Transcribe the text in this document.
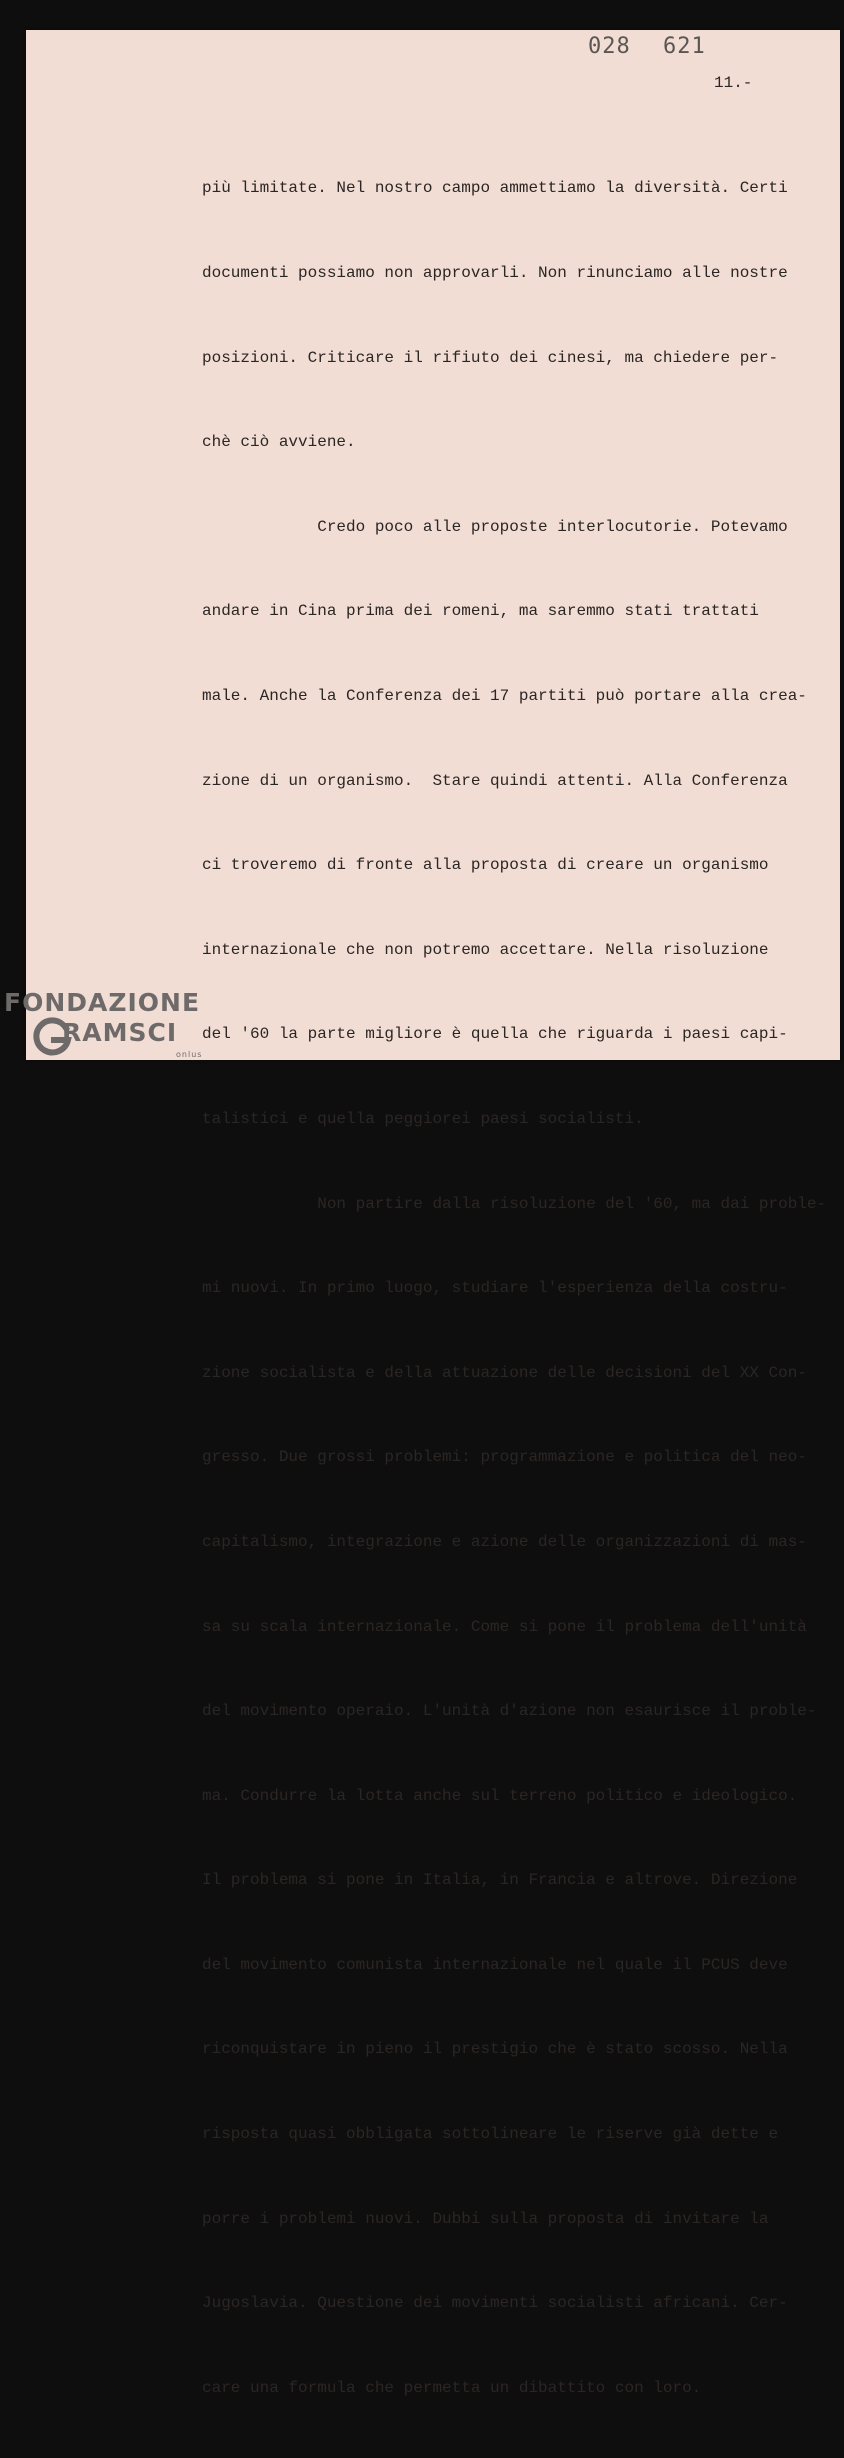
028 621
11.-

più limitate. Nel nostro campo ammettiamo la diversità. Certi

documenti possiamo non approvarli. Non rinunciamo alle nostre

posizioni. Criticare il rifiuto dei cinesi, ma chiedere per-

chè ciò avviene.

Credo poco alle proposte interlocutorie. Potevamo

andare in Cina prima dei romeni, ma saremmo stati trattati

male. Anche la Conferenza dei 17 partiti può portare alla crea-

zione di un organismo.  Stare quindi attenti. Alla Conferenza

ci troveremo di fronte alla proposta di creare un organismo

internazionale che non potremo accettare. Nella risoluzione

del '60 la parte migliore è quella che riguarda i paesi capi-

talistici e quella peggiorei paesi socialisti.

Non partire dalla risoluzione del '60, ma dai proble-

mi nuovi. In primo luogo, studiare l'esperienza della costru-

zione socialista e della attuazione delle decisioni del XX Con-

gresso. Due grossi problemi: programmazione e politica del neo-

capitalismo, integrazione e azione delle organizzazioni di mas-

sa su scala internazionale. Come si pone il problema dell'unità

del movimento operaio. L'unità d'azione non esaurisce il proble-

ma. Condurre la lotta anche sul terreno politico e ideologico.

Il problema si pone in Italia, in Francia e altrove. Direzione

del movimento comunista internazionale nel quale il PCUS deve

riconquistare in pieno il prestigio che è stato scosso. Nella

risposta quasi obbligata sottolineare le riserve già dette e

porre i problemi nuovi. Dubbi sulla proposta di invitare la

Jugoslavia. Questione dei movimenti socialisti africani. Cer-

care una formula che permetta un dibattito con loro.

FONDAZIONE
RAMSCI
onlus
